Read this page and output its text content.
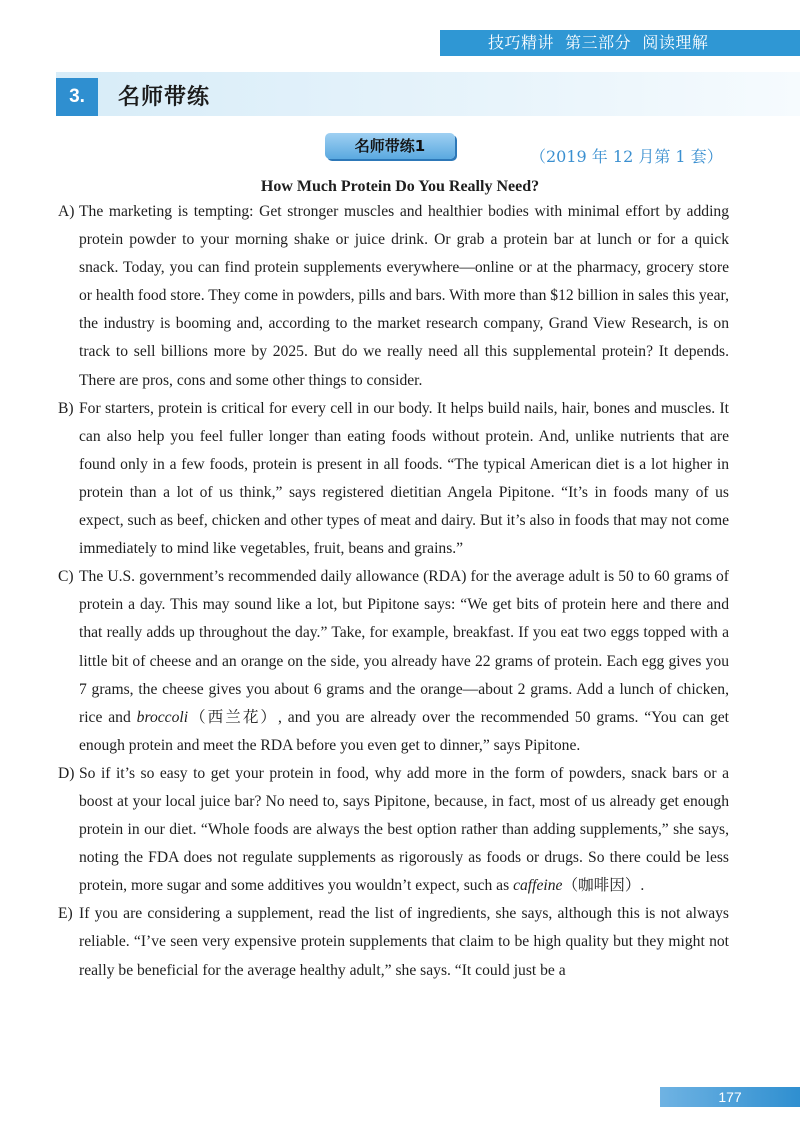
技巧精讲  第三部分  阅读理解
3.	名师带练
名师带练1
（2019 年 12 月第 1 套）
How Much Protein Do You Really Need?

A) The marketing is tempting: Get stronger muscles and healthier bodies with minimal effort by adding protein powder to your morning shake or juice drink. Or grab a protein bar at lunch or for a quick snack. Today, you can find protein supplements everywhere—online or at the pharmacy, grocery store or health food store. They come in powders, pills and bars. With more than $12 billion in sales this year, the industry is booming and, according to the market research company, Grand View Research, is on track to sell billions more by 2025. But do we really need all this supplemental protein? It depends. There are pros, cons and some other things to consider.

B) For starters, protein is critical for every cell in our body. It helps build nails, hair, bones and muscles. It can also help you feel fuller longer than eating foods without protein. And, unlike nutrients that are found only in a few foods, protein is present in all foods. “The typical American diet is a lot higher in protein than a lot of us think,” says registered dietitian Angela Pipitone. “It’s in foods many of us expect, such as beef, chicken and other types of meat and dairy. But it’s also in foods that may not come immediately to mind like vegetables, fruit, beans and grains.”

C) The U.S. government’s recommended daily allowance (RDA) for the average adult is 50 to 60 grams of protein a day. This may sound like a lot, but Pipitone says: “We get bits of protein here and there and that really adds up throughout the day.” Take, for example, breakfast. If you eat two eggs topped with a little bit of cheese and an orange on the side, you already have 22 grams of protein. Each egg gives you 7 grams, the cheese gives you about 6 grams and the orange—about 2 grams. Add a lunch of chicken, rice and broccoli（西兰花）, and you are already over the recommended 50 grams. “You can get enough protein and meet the RDA before you even get to dinner,” says Pipitone.

D) So if it’s so easy to get your protein in food, why add more in the form of powders, snack bars or a boost at your local juice bar? No need to, says Pipitone, because, in fact, most of us already get enough protein in our diet. “Whole foods are always the best option rather than adding supplements,” she says, noting the FDA does not regulate supplements as rigorously as foods or drugs. So there could be less protein, more sugar and some additives you wouldn’t expect, such as caffeine（咖啡因）.

E) If you are considering a supplement, read the list of ingredients, she says, although this is not always reliable. “I’ve seen very expensive protein supplements that claim to be high quality but they might not really be beneficial for the average healthy adult,” she says. “It could just be a

177
